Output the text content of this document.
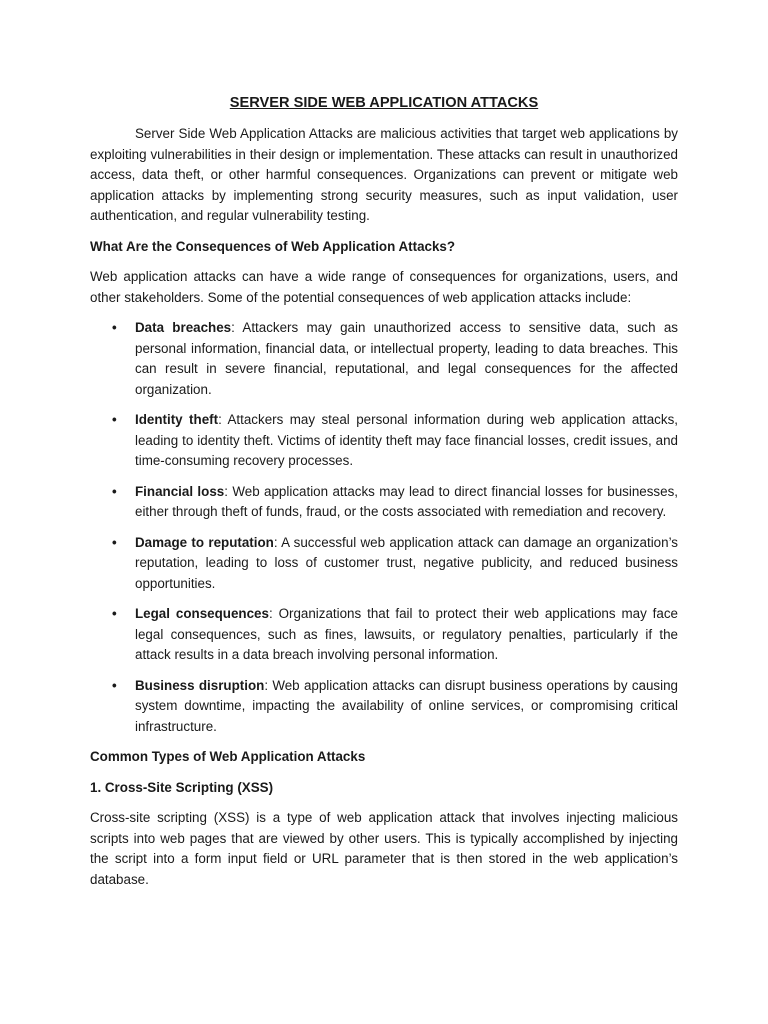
SERVER SIDE WEB APPLICATION ATTACKS

Server Side Web Application Attacks are malicious activities that target web applications by exploiting vulnerabilities in their design or implementation. These attacks can result in unauthorized access, data theft, or other harmful consequences. Organizations can prevent or mitigate web application attacks by implementing strong security measures, such as input validation, user authentication, and regular vulnerability testing.

What Are the Consequences of Web Application Attacks?

Web application attacks can have a wide range of consequences for organizations, users, and other stakeholders. Some of the potential consequences of web application attacks include:

• Data breaches: Attackers may gain unauthorized access to sensitive data, such as personal information, financial data, or intellectual property, leading to data breaches. This can result in severe financial, reputational, and legal consequences for the affected organization.
• Identity theft: Attackers may steal personal information during web application attacks, leading to identity theft. Victims of identity theft may face financial losses, credit issues, and time-consuming recovery processes.
• Financial loss: Web application attacks may lead to direct financial losses for businesses, either through theft of funds, fraud, or the costs associated with remediation and recovery.
• Damage to reputation: A successful web application attack can damage an organization’s reputation, leading to loss of customer trust, negative publicity, and reduced business opportunities.
• Legal consequences: Organizations that fail to protect their web applications may face legal consequences, such as fines, lawsuits, or regulatory penalties, particularly if the attack results in a data breach involving personal information.
• Business disruption: Web application attacks can disrupt business operations by causing system downtime, impacting the availability of online services, or compromising critical infrastructure.
Common Types of Web Application Attacks
1. Cross-Site Scripting (XSS)

Cross-site scripting (XSS) is a type of web application attack that involves injecting malicious scripts into web pages that are viewed by other users. This is typically accomplished by injecting the script into a form input field or URL parameter that is then stored in the web application’s database.
